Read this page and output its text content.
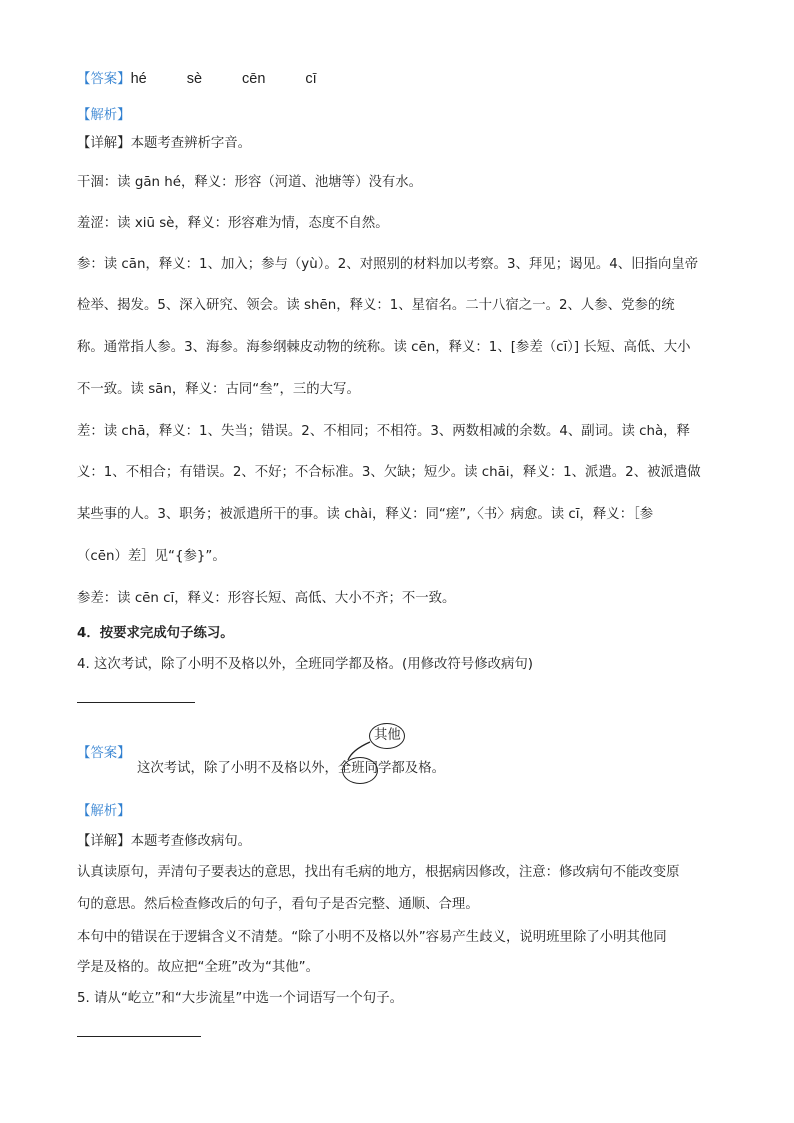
【答案】hé	sè	cēn	cī
【解析】
【详解】本题考查辨析字音。
干涸：读 gān hé，释义：形容（河道、池塘等）没有水。
羞涩：读 xiū sè，释义：形容难为情，态度不自然。
参：读 cān，释义：1、加入；参与（yù）。2、对照别的材料加以考察。3、拜见；谒见。4、旧指向皇帝
检举、揭发。5、深入研究、领会。读 shēn，释义：1、星宿名。二十八宿之一。2、人参、党参的统
称。通常指人参。3、海参。海参纲棘皮动物的统称。读 cēn，释义：1、[参差（cī）] 长短、高低、大小
不一致。读 sān，释义：古同“叁”，三的大写。
差：读 chā，释义：1、失当；错误。2、不相同；不相符。3、两数相减的余数。4、副词。读 chà，释
义：1、不相合；有错误。2、不好；不合标准。3、欠缺；短少。读 chāi，释义：1、派遣。2、被派遣做
某些事的人。3、职务；被派遣所干的事。读 chài，释义：同“瘥”,〈书〉病愈。读 cī，释义：［参
（cēn）差］见“{参}”。
参差：读 cēn cī，释义：形容长短、高低、大小不齐；不一致。
4．按要求完成句子练习。
4. 这次考试，除了小明不及格以外，全班同学都及格。(用修改符号修改病句)
【答案】
其他
这次考试，除了小明不及格以外，全班同学都及格。
【解析】
【详解】本题考查修改病句。
认真读原句，弄清句子要表达的意思，找出有毛病的地方，根据病因修改，注意：修改病句不能改变原
句的意思。然后检查修改后的句子，看句子是否完整、通顺、合理。
本句中的错误在于逻辑含义不清楚。“除了小明不及格以外”容易产生歧义，说明班里除了小明其他同
学是及格的。故应把“全班”改为“其他”。
5. 请从“屹立”和“大步流星”中选一个词语写一个句子。
